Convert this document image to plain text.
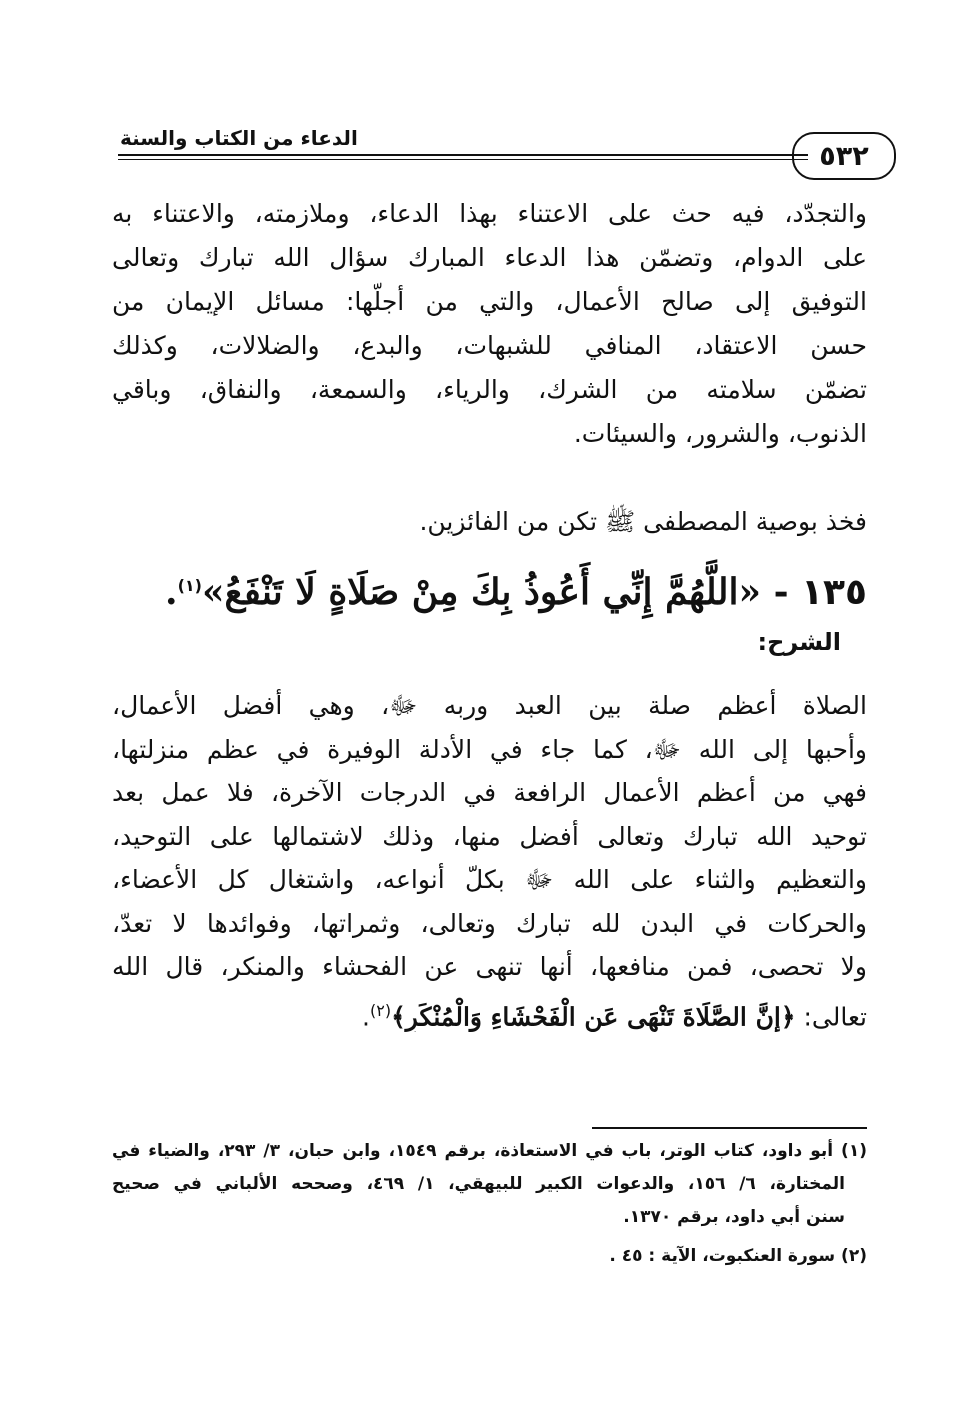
٥٣٢
الدعاء من الكتاب والسنة
والتجدّد، فيه حث على الاعتناء بهذا الدعاء، وملازمته، والاعتناء به
على الدوام، وتضمّن هذا الدعاء المبارك سؤال الله تبارك وتعالى
التوفيق إلى صالح الأعمال، والتي من أجلّها: مسائل الإيمان من
حسن الاعتقاد، المنافي للشبهات، والبدع، والضلالات، وكذلك
تضمّن سلامته من الشرك، والرياء، والسمعة، والنفاق، وباقي
الذنوب، والشرور، والسيئات.
فخذ بوصية المصطفى ﷺ تكن من الفائزين.
١٣٥ - «اللَّهُمَّ إِنِّي أَعُوذُ بِكَ مِنْ صَلَاةٍ لَا تَنْفَعُ»$^{(١)}$.
الشرح:
الصلاة أعظم صلة بين العبد وربه ﷻ، وهي أفضل الأعمال،
وأحبها إلى الله ﷻ، كما جاء في الأدلة الوفيرة في عظم منزلتها،
فهي من أعظم الأعمال الرافعة في الدرجات الآخرة، فلا عمل بعد
توحيد الله تبارك وتعالى أفضل منها، وذلك لاشتمالها على التوحيد،
والتعظيم والثناء على الله ﷻ بكلّ أنواعه، واشتغال كل الأعضاء،
والحركات في البدن لله تبارك وتعالى، وثمراتها، وفوائدها لا تعدّ،
ولا تحصى، فمن منافعها، أنها تنهى عن الفحشاء والمنكر، قال الله
تعالى: ﴿إِنَّ الصَّلَاةَ تَنْهَى عَنِ الْفَحْشَاءِ وَالْمُنْكَرِ﴾$^{(٢)}$.
(١) أبو داود، كتاب الوتر، باب في الاستعاذة، برقم ١٥٤٩، وابن حبان، ٣/ ٢٩٣، والضياء في
المختارة، ٦/ ١٥٦، والدعوات الكبير للبيهقي، ١/ ٤٦٩، وصححه الألباني في صحيح
سنن أبي داود، برقم ١٣٧٠.
(٢) سورة العنكبوت، الآية : ٤٥ .
